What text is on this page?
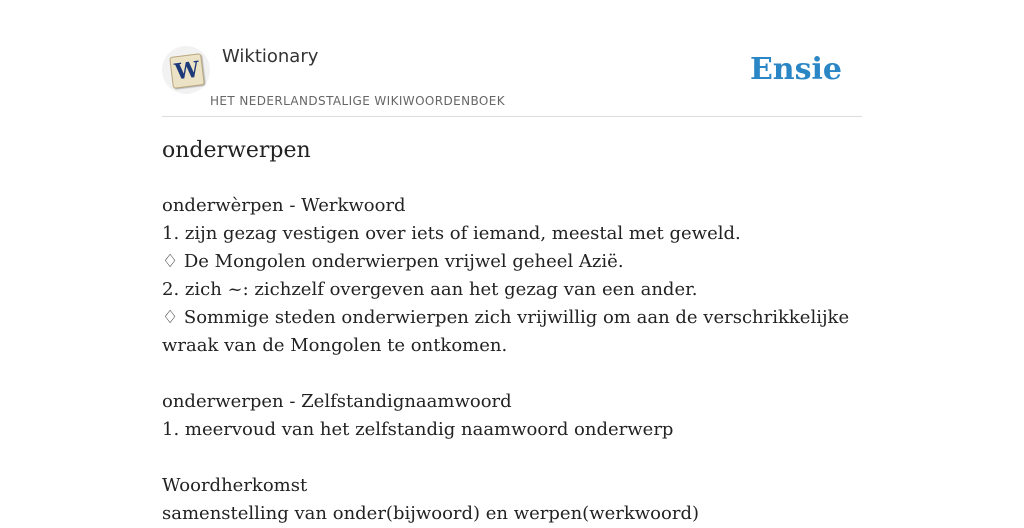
W
Wiktionary
HET NEDERLANDSTALIGE WIKIWOORDENBOEK
Ensie
onderwerpen

onderwèrpen - Werkwoord

1. zijn gezag vestigen over iets of iemand, meestal met geweld.

♢ De Mongolen onderwierpen vrijwel geheel Azië.

2. zich ~: zichzelf overgeven aan het gezag van een ander.

♢ Sommige steden onderwierpen zich vrijwillig om aan de verschrikkelijke wraak van de Mongolen te ontkomen.

onderwerpen - Zelfstandignaamwoord

1. meervoud van het zelfstandig naamwoord onderwerp

Woordherkomst

samenstelling van onder(bijwoord) en werpen(werkwoord)
